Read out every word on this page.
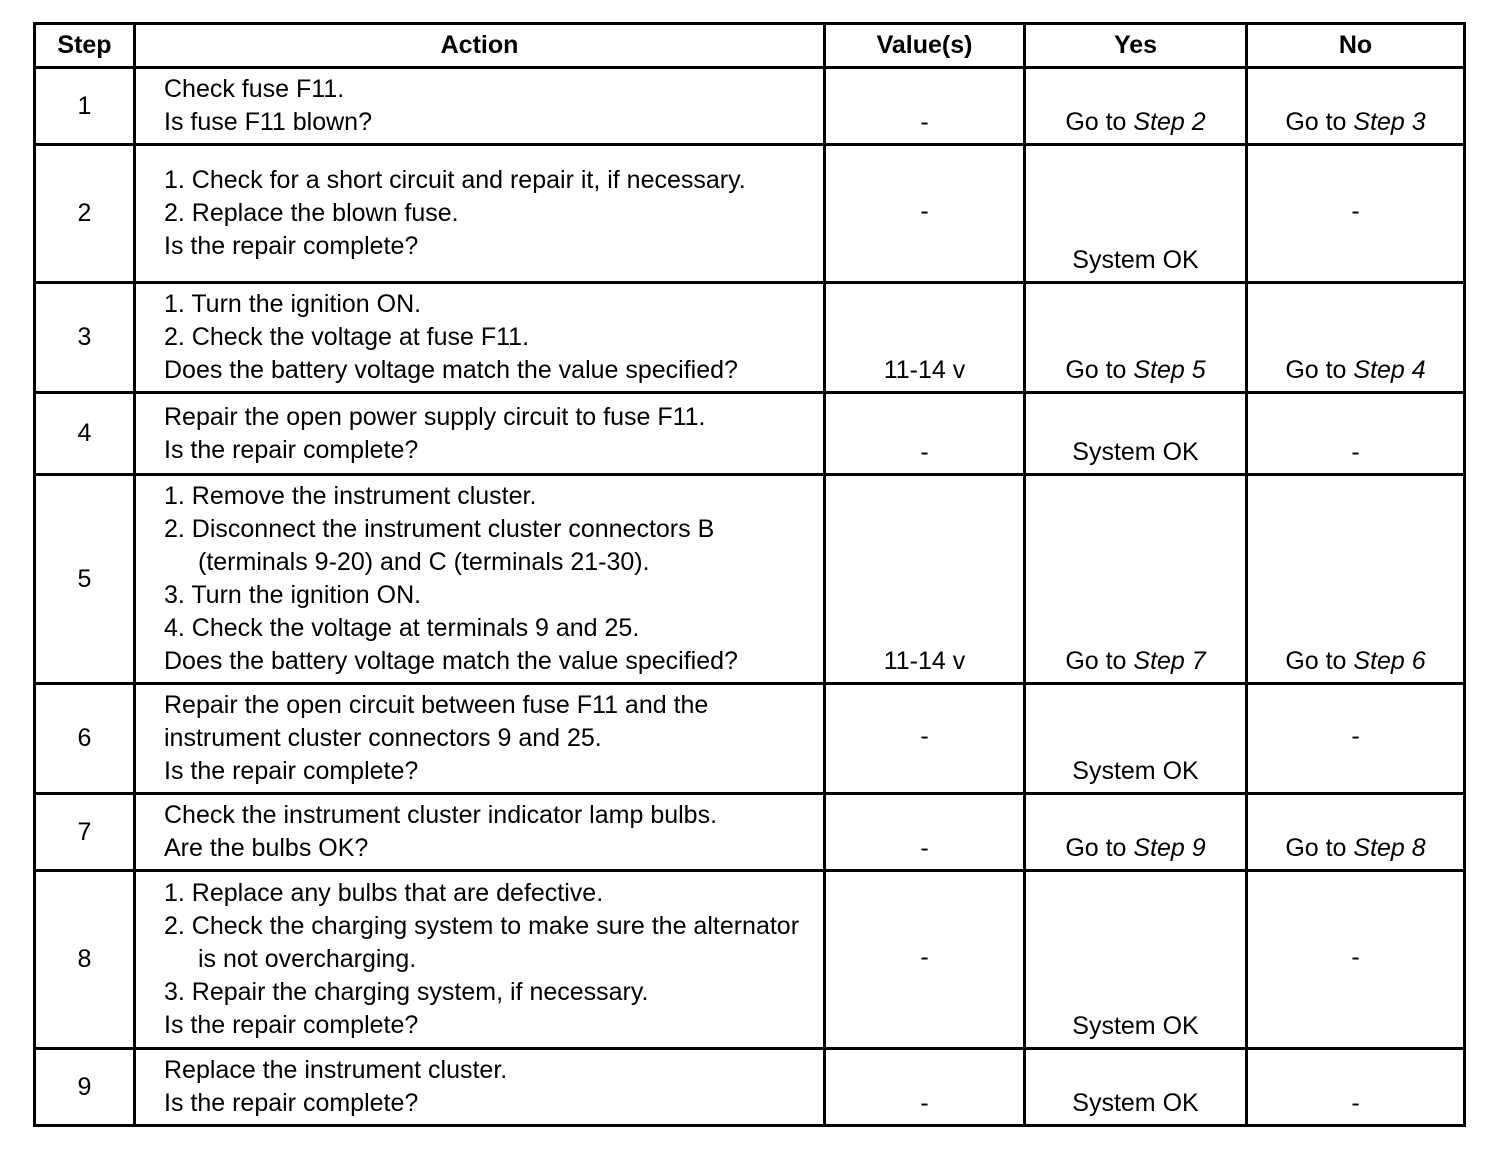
Step	Action	Value(s)	Yes	No
1	Check fuse F11.
Is fuse F11 blown?	-	Go to Step 2	Go to Step 3
2	1. Check for a short circuit and repair it, if necessary.
2. Replace the blown fuse.
Is the repair complete?	-	System OK	-
3	1. Turn the ignition ON.
2. Check the voltage at fuse F11.
Does the battery voltage match the value specified?	11-14 v	Go to Step 5	Go to Step 4
4	Repair the open power supply circuit to fuse F11.
Is the repair complete?	-	System OK	-
5	1. Remove the instrument cluster.
2. Disconnect the instrument cluster connectors B (terminals 9-20) and C (terminals 21-30).
3. Turn the ignition ON.
4. Check the voltage at terminals 9 and 25.
Does the battery voltage match the value specified?	11-14 v	Go to Step 7	Go to Step 6
6	Repair the open circuit between fuse F11 and the instrument cluster connectors 9 and 25.
Is the repair complete?	-	System OK	-
7	Check the instrument cluster indicator lamp bulbs.
Are the bulbs OK?	-	Go to Step 9	Go to Step 8
8	1. Replace any bulbs that are defective.
2. Check the charging system to make sure the alternator is not overcharging.
3. Repair the charging system, if necessary.
Is the repair complete?	-	System OK	-
9	Replace the instrument cluster.
Is the repair complete?	-	System OK	-
